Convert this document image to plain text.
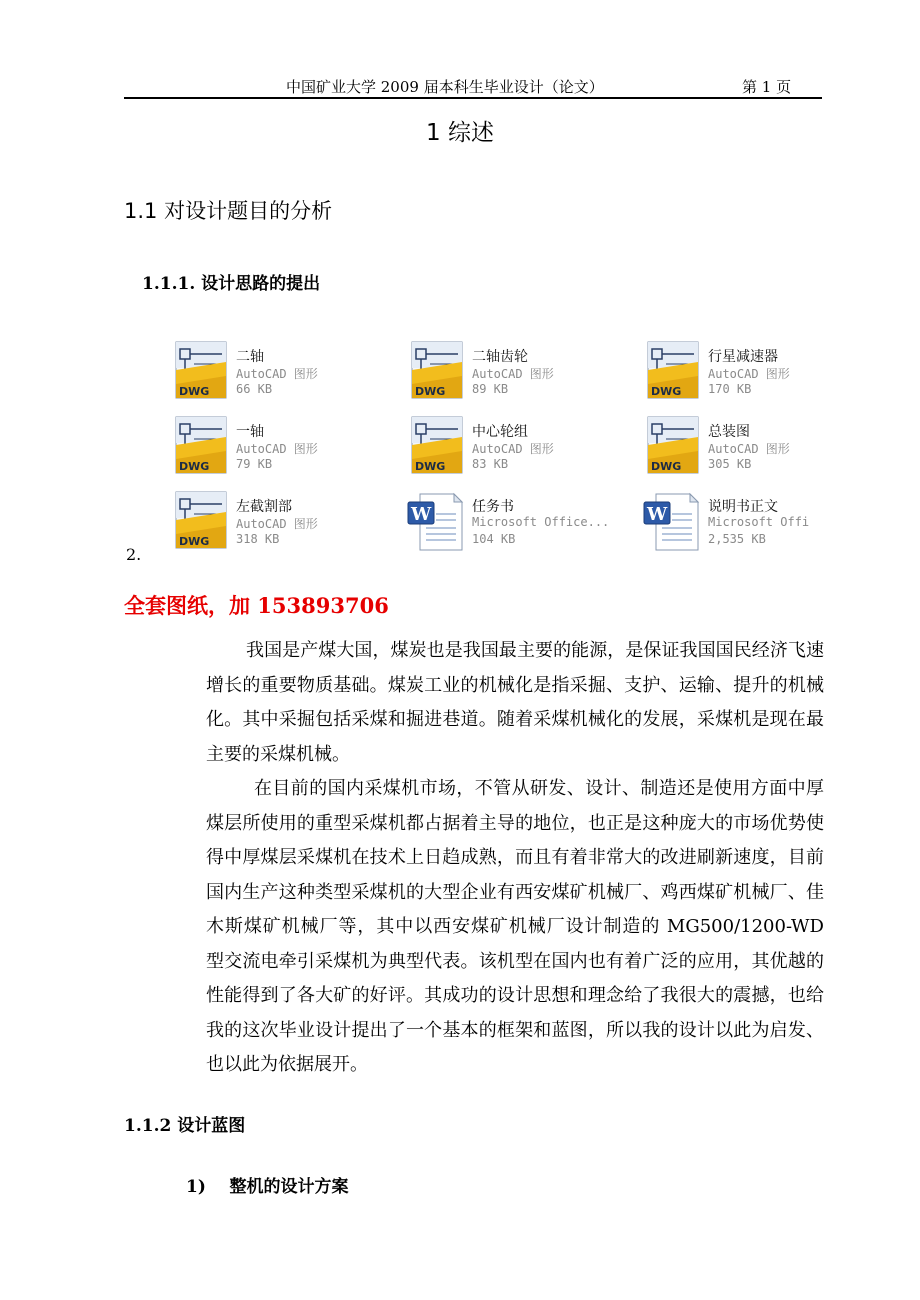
中国矿业大学 2009 届本科生毕业设计（论文）	第 1 页
1 综述
1.1 对设计题目的分析
1.1.1. 设计思路的提出
二轴
AutoCAD 图形
66 KB
二轴齿轮
AutoCAD 图形
89 KB
行星减速器
AutoCAD 图形
170 KB
一轴
AutoCAD 图形
79 KB
中心轮组
AutoCAD 图形
83 KB
总装图
AutoCAD 图形
305 KB
左截割部
AutoCAD 图形
318 KB
任务书
Microsoft Office...
104 KB
说明书正文
Microsoft Offi
2,535 KB
2.
全套图纸，加 153893706
我国是产煤大国，煤炭也是我国最主要的能源，是保证我国国民经济飞速增长的重要物质基础。煤炭工业的机械化是指采掘、支护、运输、提升的机械化。其中采掘包括采煤和掘进巷道。随着采煤机械化的发展，采煤机是现在最主要的采煤机械。
在目前的国内采煤机市场，不管从研发、设计、制造还是使用方面中厚煤层所使用的重型采煤机都占据着主导的地位，也正是这种庞大的市场优势使得中厚煤层采煤机在技术上日趋成熟，而且有着非常大的改进刷新速度，目前国内生产这种类型采煤机的大型企业有西安煤矿机械厂、鸡西煤矿机械厂、佳木斯煤矿机械厂等，其中以西安煤矿机械厂设计制造的 MG500/1200-WD 型交流电牵引采煤机为典型代表。该机型在国内也有着广泛的应用，其优越的性能得到了各大矿的好评。其成功的设计思想和理念给了我很大的震撼，也给我的这次毕业设计提出了一个基本的框架和蓝图，所以我的设计以此为启发、也以此为依据展开。
1.1.2 设计蓝图
1)    整机的设计方案
